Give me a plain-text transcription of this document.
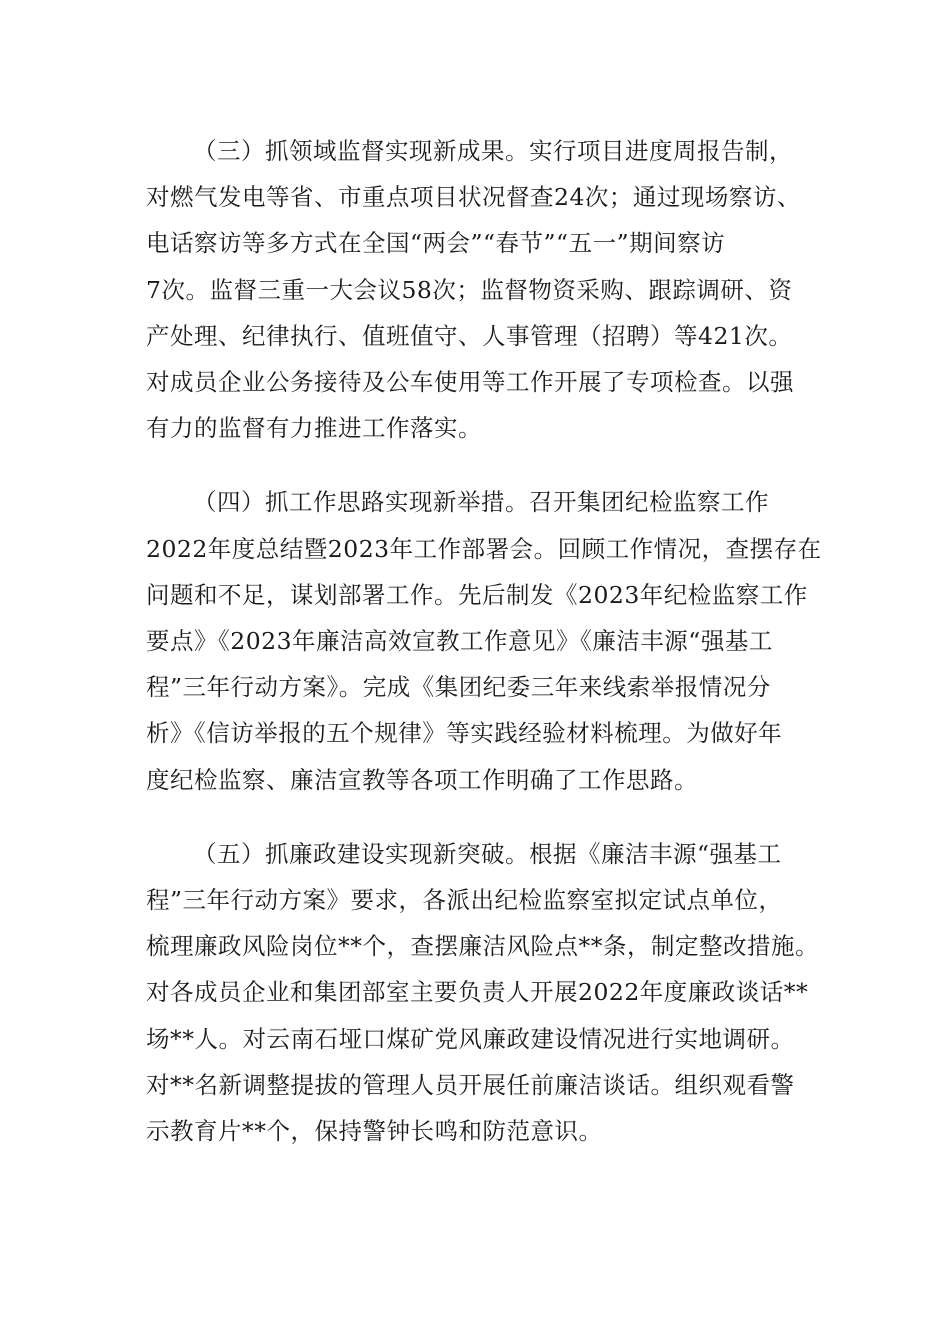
（三）抓领域监督实现新成果。实行项目进度周报告制，
对燃气发电等省、市重点项目状况督查24次；通过现场察访、
电话察访等多方式在全国“两会”“春节”“五一”期间察访
7次。监督三重一大会议58次；监督物资采购、跟踪调研、资
产处理、纪律执行、值班值守、人事管理（招聘）等421次。
对成员企业公务接待及公车使用等工作开展了专项检查。以强
有力的监督有力推进工作落实。
（四）抓工作思路实现新举措。召开集团纪检监察工作
2022年度总结暨2023年工作部署会。回顾工作情况，查摆存在
问题和不足，谋划部署工作。先后制发《2023年纪检监察工作
要点》《2023年廉洁高效宣教工作意见》《廉洁丰源“强基工
程”三年行动方案》。完成《集团纪委三年来线索举报情况分
析》《信访举报的五个规律》等实践经验材料梳理。为做好年
度纪检监察、廉洁宣教等各项工作明确了工作思路。
（五）抓廉政建设实现新突破。根据《廉洁丰源“强基工
程”三年行动方案》要求，各派出纪检监察室拟定试点单位，
梳理廉政风险岗位**个，查摆廉洁风险点**条，制定整改措施。
对各成员企业和集团部室主要负责人开展2022年度廉政谈话**
场**人。对云南石垭口煤矿党风廉政建设情况进行实地调研。
对**名新调整提拔的管理人员开展任前廉洁谈话。组织观看警
示教育片**个，保持警钟长鸣和防范意识。
